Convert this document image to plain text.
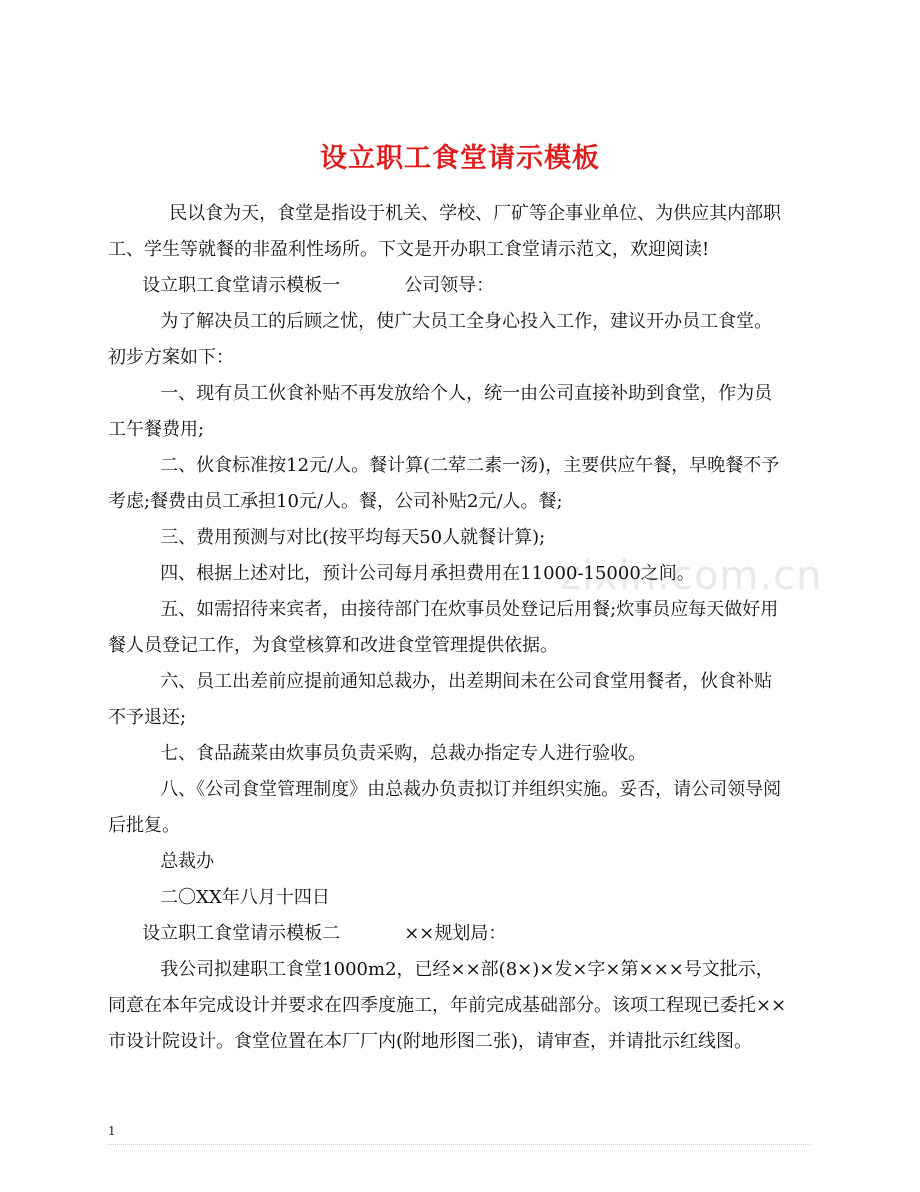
zixin.com.cn
设立职工食堂请示模板

民以食为天，食堂是指设于机关、学校、厂矿等企事业单位、为供应其内部职工、学生等就餐的非盈利性场所。下文是开办职工食堂请示范文，欢迎阅读!

设立职工食堂请示模板一	公司领导：

为了解决员工的后顾之忧，使广大员工全身心投入工作，建议开办员工食堂。初步方案如下：

一、现有员工伙食补贴不再发放给个人，统一由公司直接补助到食堂，作为员工午餐费用;

二、伙食标准按12元/人。餐计算(二荤二素一汤)，主要供应午餐，早晚餐不予考虑;餐费由员工承担10元/人。餐，公司补贴2元/人。餐;

三、费用预测与对比(按平均每天50人就餐计算);

四、根据上述对比，预计公司每月承担费用在11000-15000之间。

五、如需招待来宾者，由接待部门在炊事员处登记后用餐;炊事员应每天做好用餐人员登记工作，为食堂核算和改进食堂管理提供依据。

六、员工出差前应提前通知总裁办，出差期间未在公司食堂用餐者，伙食补贴不予退还;

七、食品蔬菜由炊事员负责采购，总裁办指定专人进行验收。

八、《公司食堂管理制度》由总裁办负责拟订并组织实施。妥否，请公司领导阅后批复。

总裁办

二〇XX年八月十四日

设立职工食堂请示模板二	××规划局：

我公司拟建职工食堂1000m2，已经××部(8×)×发×字×第×××号文批示，同意在本年完成设计并要求在四季度施工，年前完成基础部分。该项工程现已委托××市设计院设计。食堂位置在本厂厂内(附地形图二张)，请审查，并请批示红线图。

1
